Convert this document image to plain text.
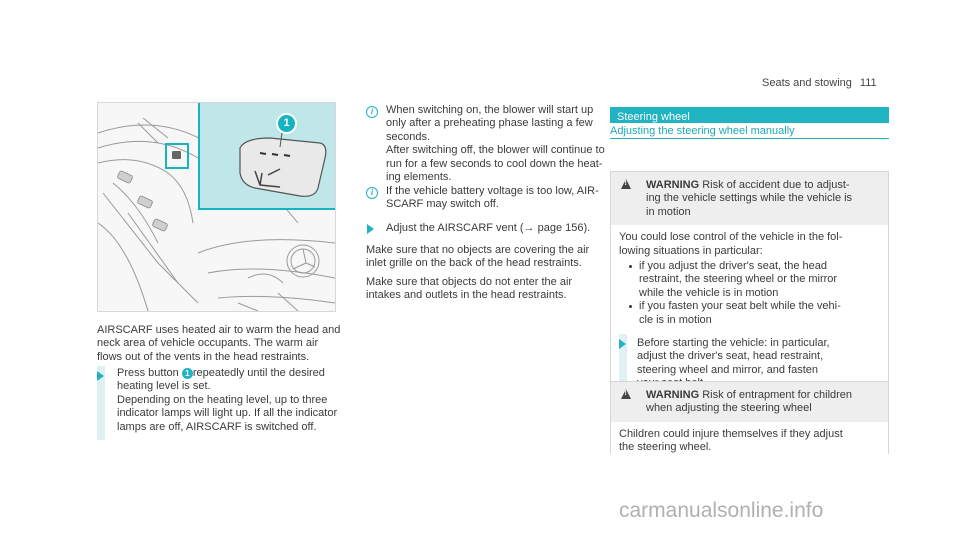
Seats and stowing 111
1
AIRSCARF uses heated air to warm the head and
neck area of vehicle occupants. The warm air
flows out of the vents in the head restraints.
Press button 1 repeatedly until the desired
heating level is set.
Depending on the heating level, up to three
indicator lamps will light up. If all the indicator
lamps are off, AIRSCARF is switched off.
i	When switching on, the blower will start up
only after a preheating phase lasting a few
seconds.
After switching off, the blower will continue to
run for a few seconds to cool down the heat-
ing elements.
i	If the vehicle battery voltage is too low, AIR-
SCARF may switch off.
Adjust the AIRSCARF vent (→ page 156).
Make sure that no objects are covering the air
inlet grille on the back of the head restraints.
Make sure that objects do not enter the air
intakes and outlets in the head restraints.
Steering wheel
Adjusting the steering wheel manually
!
WARNING Risk of accident due to adjust-
ing the vehicle settings while the vehicle is
in motion
You could lose control of the vehicle in the fol-
lowing situations in particular:
if you adjust the driver's seat, the head
restraint, the steering wheel or the mirror
while the vehicle is in motion
if you fasten your seat belt while the vehi-
cle is in motion
Before starting the vehicle: in particular,
adjust the driver's seat, head restraint,
steering wheel and mirror, and fasten
!
WARNING Risk of entrapment for children
when adjusting the steering wheel
Children could injure themselves if they adjust
the steering wheel.
carmanualsonline.info
